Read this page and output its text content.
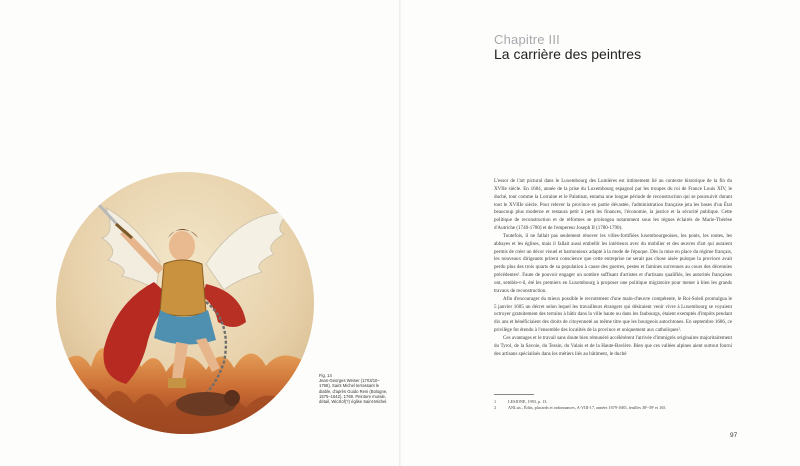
Fig. 14
Jean-Georges Weiser (1703/10–1768), Saint Michel terrassant le diable, d'après Guido Reni (Bologne, 1575–1642), 1769. Peinture murale, détail, Wiczlof(?) église Saint-Michel.
Chapitre III
La carrière des peintres

L'essor de l'art pictural dans le Luxembourg des Lumières est intimement lié au contexte historique de la fin du XVIIe siècle. En 1684, année de la prise du Luxembourg espagnol par les troupes du roi de France Louis XIV, le duché, tout comme la Lorraine et le Palatinat, entama une longue période de reconstruction qui se poursuivit durant tout le XVIIIe siècle. Pour relever la province en partie dévastée, l'administration française jeta les bases d'un État beaucoup plus moderne et restaura petit à petit les finances, l'économie, la justice et la sécurité publique. Cette politique de reconstruction et de réformes se prolongea notamment sous les règnes éclairés de Marie-Thérèse d'Autriche (1740-1780) et de l'empereur Joseph II (1780-1790).

Toutefois, il ne fallait pas seulement rénover les villes-fortifiées luxembourgeoises, les ponts, les routes, les abbayes et les églises, mais il fallait aussi embellir les intérieurs avec du mobilier et des œuvres d'art qui auraient permis de créer un décor visuel et harmonieux adapté à la mode de l'époque. Dès la mise en place du régime français, les nouveaux dirigeants prirent conscience que cette entreprise ne serait pas chose aisée puisque la province avait perdu plus des trois quarts de sa population à cause des guerres, pestes et famines survenues au cours des décennies précédentes¹. Faute de pouvoir engager un nombre suffisant d'artistes et d'artisans qualifiés, les autorités françaises ont, semble-t-il, été les premiers en Luxembourg à proposer une politique migratoire pour mener à bien les grands travaux de reconstruction.

Afin d'encourager du mieux possible le recrutement d'une main-d'œuvre compétente, le Roi-Soleil promulgua le 5 janvier 1685 un décret selon lequel les travailleurs étrangers qui désiraient venir vivre à Luxembourg se voyaient octroyer gratuitement des terrains à bâtir dans la ville haute ou dans les faubourgs, étaient exemptés d'impôts pendant dix ans et bénéficiaient des droits de citoyenneté au même titre que les bourgeois autochtones. En septembre 1686, ce privilège fut étendu à l'ensemble des localités de la province et uniquement aux catholiques².

Ces avantages et le travail sans doute bien rémunéré accélérèrent l'arrivée d'immigrés originaires majoritairement du Tyrol, de la Savoie, du Tessin, du Valais et de la Haute-Bavière. Bien que ces vallées alpines aient surtout fourni des artisans spécialisés dans les métiers liés au bâtiment, le duché

1	LESIONE, 1993, p. 13.
2	ANLux., Édits, placards et ordonnances, A-VIII-17, années 1679-1685, feuilles 38ᵛ-39ʳ et 165.
97
